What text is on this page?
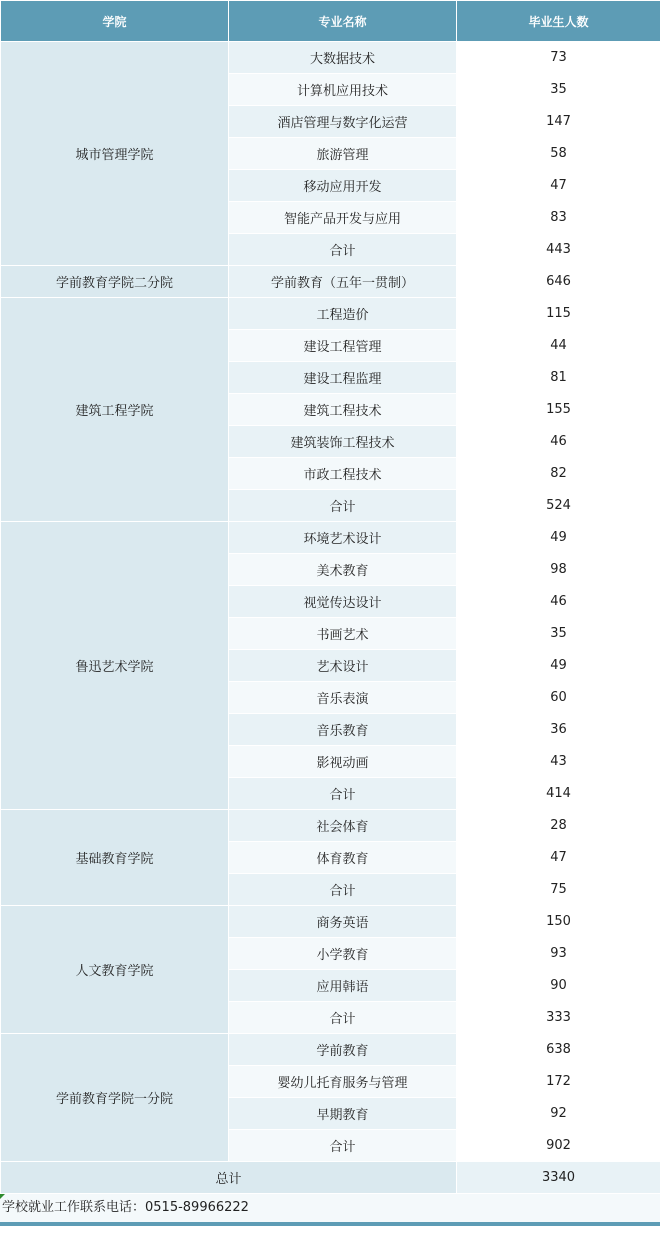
学院	专业名称	毕业生人数
城市管理学院	大数据技术	73
	计算机应用技术	35
	酒店管理与数字化运营	147
	旅游管理	58
	移动应用开发	47
	智能产品开发与应用	83
	合计	443
学前教育学院二分院	学前教育（五年一贯制）	646
建筑工程学院	工程造价	115
	建设工程管理	44
	建设工程监理	81
	建筑工程技术	155
	建筑装饰工程技术	46
	市政工程技术	82
	合计	524
鲁迅艺术学院	环境艺术设计	49
	美术教育	98
	视觉传达设计	46
	书画艺术	35
	艺术设计	49
	音乐表演	60
	音乐教育	36
	影视动画	43
	合计	414
基础教育学院	社会体育	28
	体育教育	47
	合计	75
人文教育学院	商务英语	150
	小学教育	93
	应用韩语	90
	合计	333
学前教育学院一分院	学前教育	638
	婴幼儿托育服务与管理	172
	早期教育	92
	合计	902
总计		3340
学校就业工作联系电话：0515-89966222
